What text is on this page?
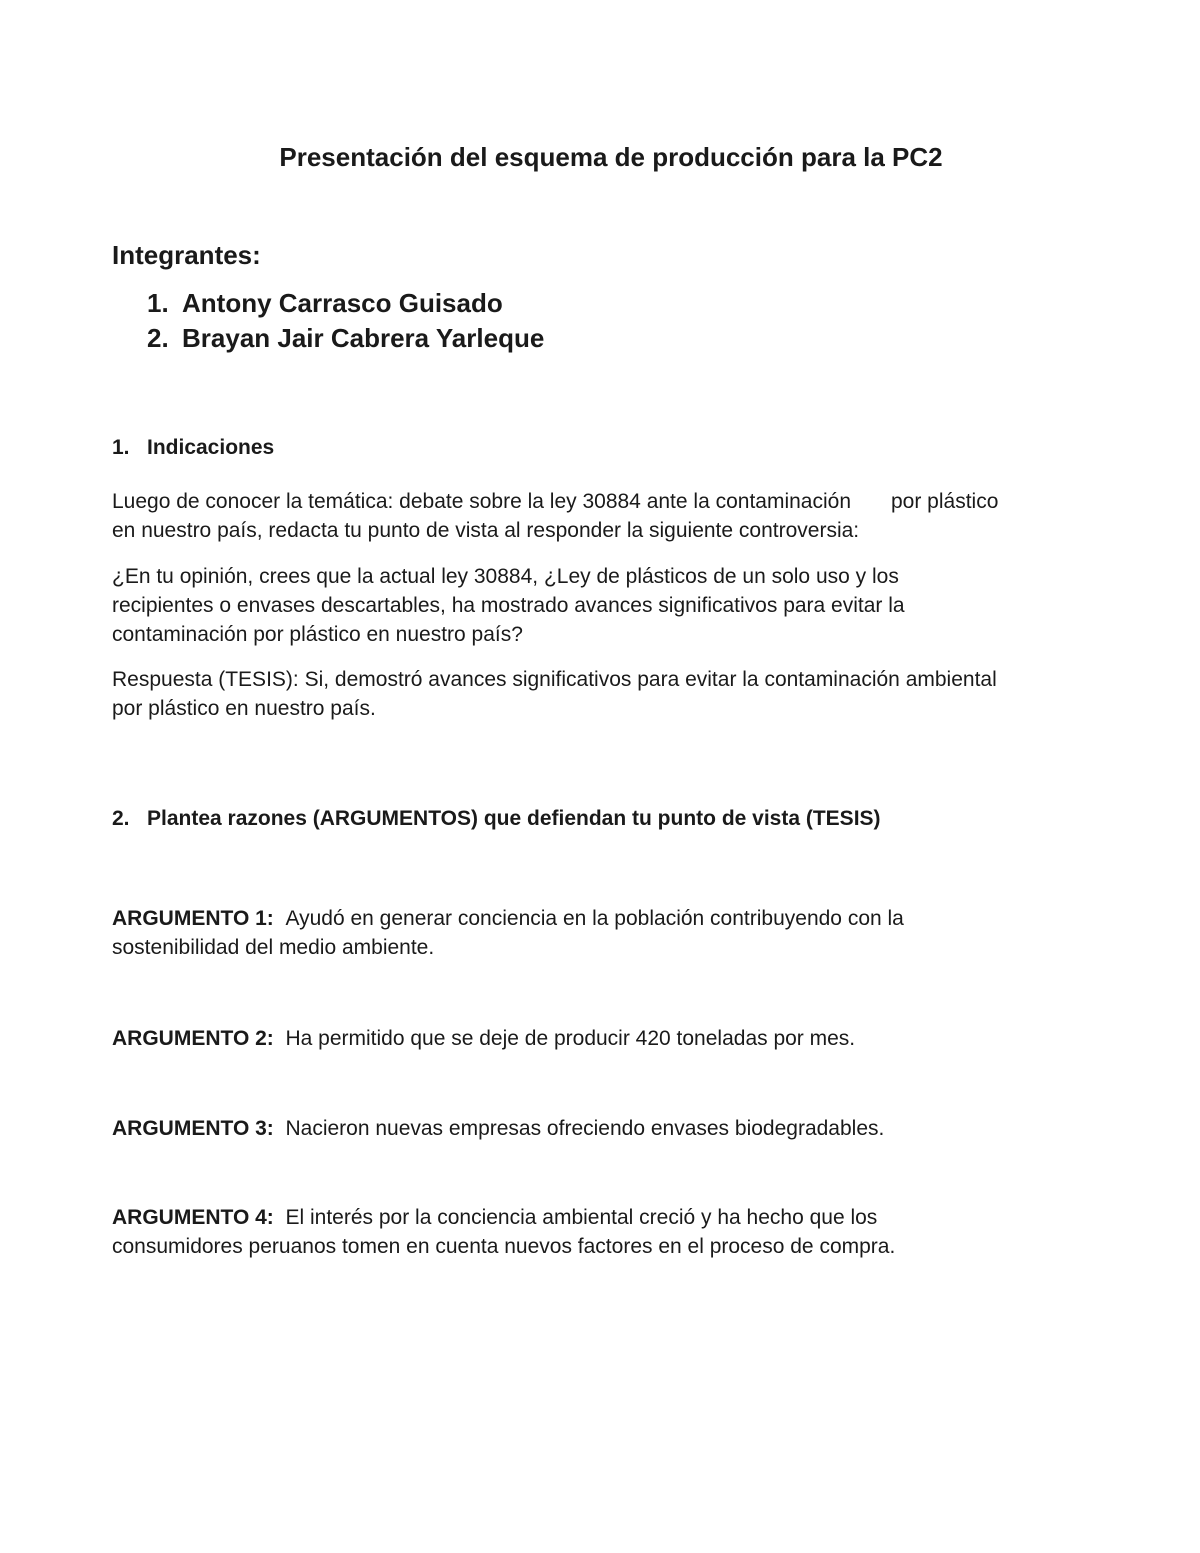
Presentación del esquema de producción para la PC2
Integrantes:
1. Antony Carrasco Guisado
2. Brayan Jair Cabrera Yarleque
1. Indicaciones
Luego de conocer la temática: debate sobre la ley 30884 ante la contaminación por plástico
en nuestro país, redacta tu punto de vista al responder la siguiente controversia:
¿En tu opinión, crees que la actual ley 30884, ¿Ley de plásticos de un solo uso y los
recipientes o envases descartables, ha mostrado avances significativos para evitar la
contaminación por plástico en nuestro país?
Respuesta (TESIS): Si, demostró avances significativos para evitar la contaminación ambiental
por plástico en nuestro país.
2. Plantea razones (ARGUMENTOS) que defiendan tu punto de vista (TESIS)
ARGUMENTO 1: Ayudó en generar conciencia en la población contribuyendo con la
sostenibilidad del medio ambiente.
ARGUMENTO 2: Ha permitido que se deje de producir 420 toneladas por mes.
ARGUMENTO 3: Nacieron nuevas empresas ofreciendo envases biodegradables.
ARGUMENTO 4: El interés por la conciencia ambiental creció y ha hecho que los
consumidores peruanos tomen en cuenta nuevos factores en el proceso de compra.
